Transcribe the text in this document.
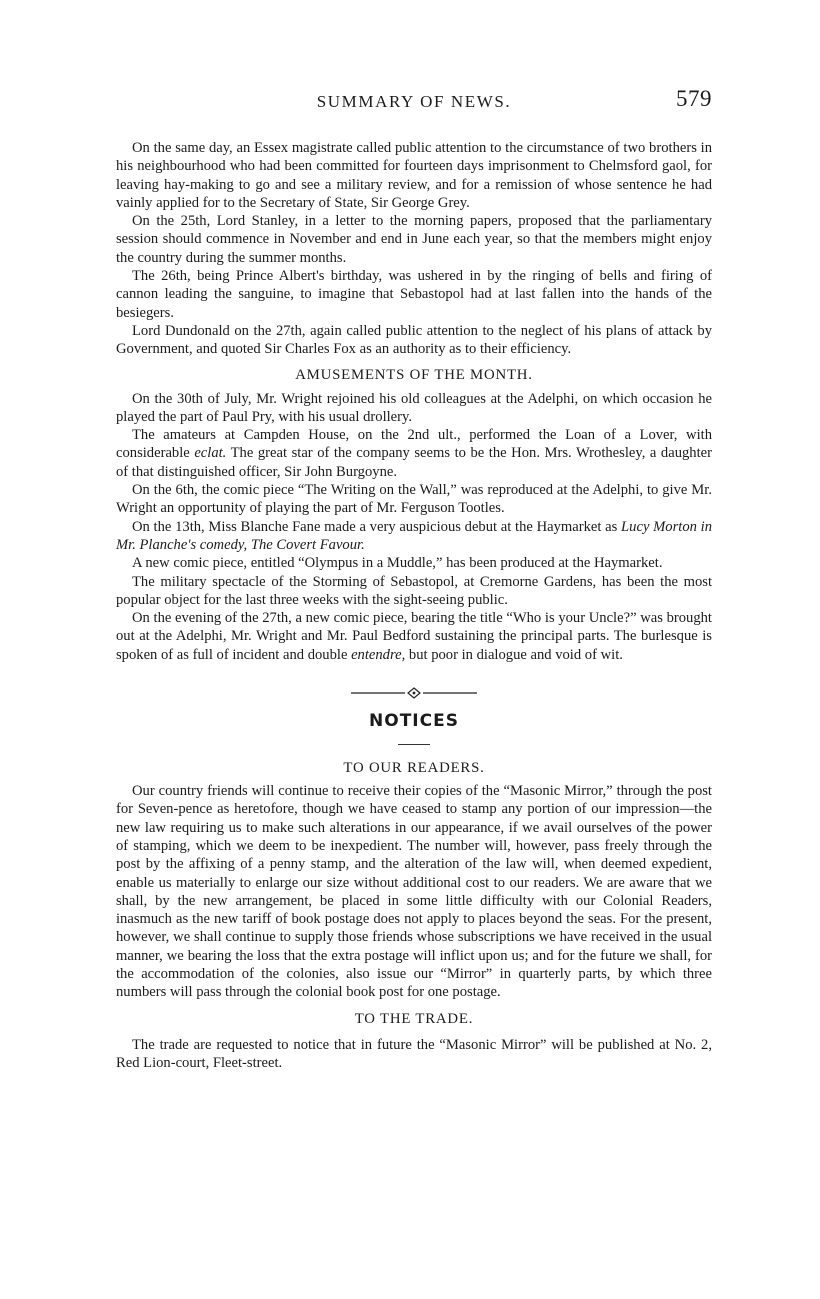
SUMMARY OF NEWS.	579

On the same day, an Essex magistrate called public attention to the circumstance of two brothers in his neighbourhood who had been committed for fourteen days imprisonment to Chelmsford gaol, for leaving hay-making to go and see a military review, and for a remission of whose sentence he had vainly applied for to the Secretary of State, Sir George Grey.

On the 25th, Lord Stanley, in a letter to the morning papers, proposed that the parliamentary session should commence in November and end in June each year, so that the members might enjoy the country during the summer months.

The 26th, being Prince Albert's birthday, was ushered in by the ringing of bells and firing of cannon leading the sanguine, to imagine that Sebastopol had at last fallen into the hands of the besiegers.

Lord Dundonald on the 27th, again called public attention to the neglect of his plans of attack by Government, and quoted Sir Charles Fox as an authority as to their efficiency.

AMUSEMENTS OF THE MONTH.

On the 30th of July, Mr. Wright rejoined his old colleagues at the Adelphi, on which occasion he played the part of Paul Pry, with his usual drollery.

The amateurs at Campden House, on the 2nd ult., performed the Loan of a Lover, with considerable eclat. The great star of the company seems to be the Hon. Mrs. Wrothesley, a daughter of that distinguished officer, Sir John Burgoyne.

On the 6th, the comic piece “The Writing on the Wall,” was reproduced at the Adelphi, to give Mr. Wright an opportunity of playing the part of Mr. Ferguson Tootles.

On the 13th, Miss Blanche Fane made a very auspicious debut at the Haymarket as Lucy Morton in Mr. Planche's comedy, The Covert Favour.

A new comic piece, entitled “Olympus in a Muddle,” has been produced at the Haymarket.

The military spectacle of the Storming of Sebastopol, at Cremorne Gardens, has been the most popular object for the last three weeks with the sight-seeing public.

On the evening of the 27th, a new comic piece, bearing the title “Who is your Uncle?” was brought out at the Adelphi, Mr. Wright and Mr. Paul Bedford sustaining the principal parts. The burlesque is spoken of as full of incident and double entendre, but poor in dialogue and void of wit.

NOTICES
TO OUR READERS.

Our country friends will continue to receive their copies of the “Masonic Mirror,” through the post for Seven-pence as heretofore, though we have ceased to stamp any portion of our impression—the new law requiring us to make such alterations in our appearance, if we avail ourselves of the power of stamping, which we deem to be inexpedient. The number will, however, pass freely through the post by the affixing of a penny stamp, and the alteration of the law will, when deemed expedient, enable us materially to enlarge our size without additional cost to our readers. We are aware that we shall, by the new arrangement, be placed in some little difficulty with our Colonial Readers, inasmuch as the new tariff of book postage does not apply to places beyond the seas. For the present, however, we shall continue to supply those friends whose subscriptions we have received in the usual manner, we bearing the loss that the extra postage will inflict upon us; and for the future we shall, for the accommodation of the colonies, also issue our “Mirror” in quarterly parts, by which three numbers will pass through the colonial book post for one postage.

TO THE TRADE.

The trade are requested to notice that in future the “Masonic Mirror” will be published at No. 2, Red Lion-court, Fleet-street.
